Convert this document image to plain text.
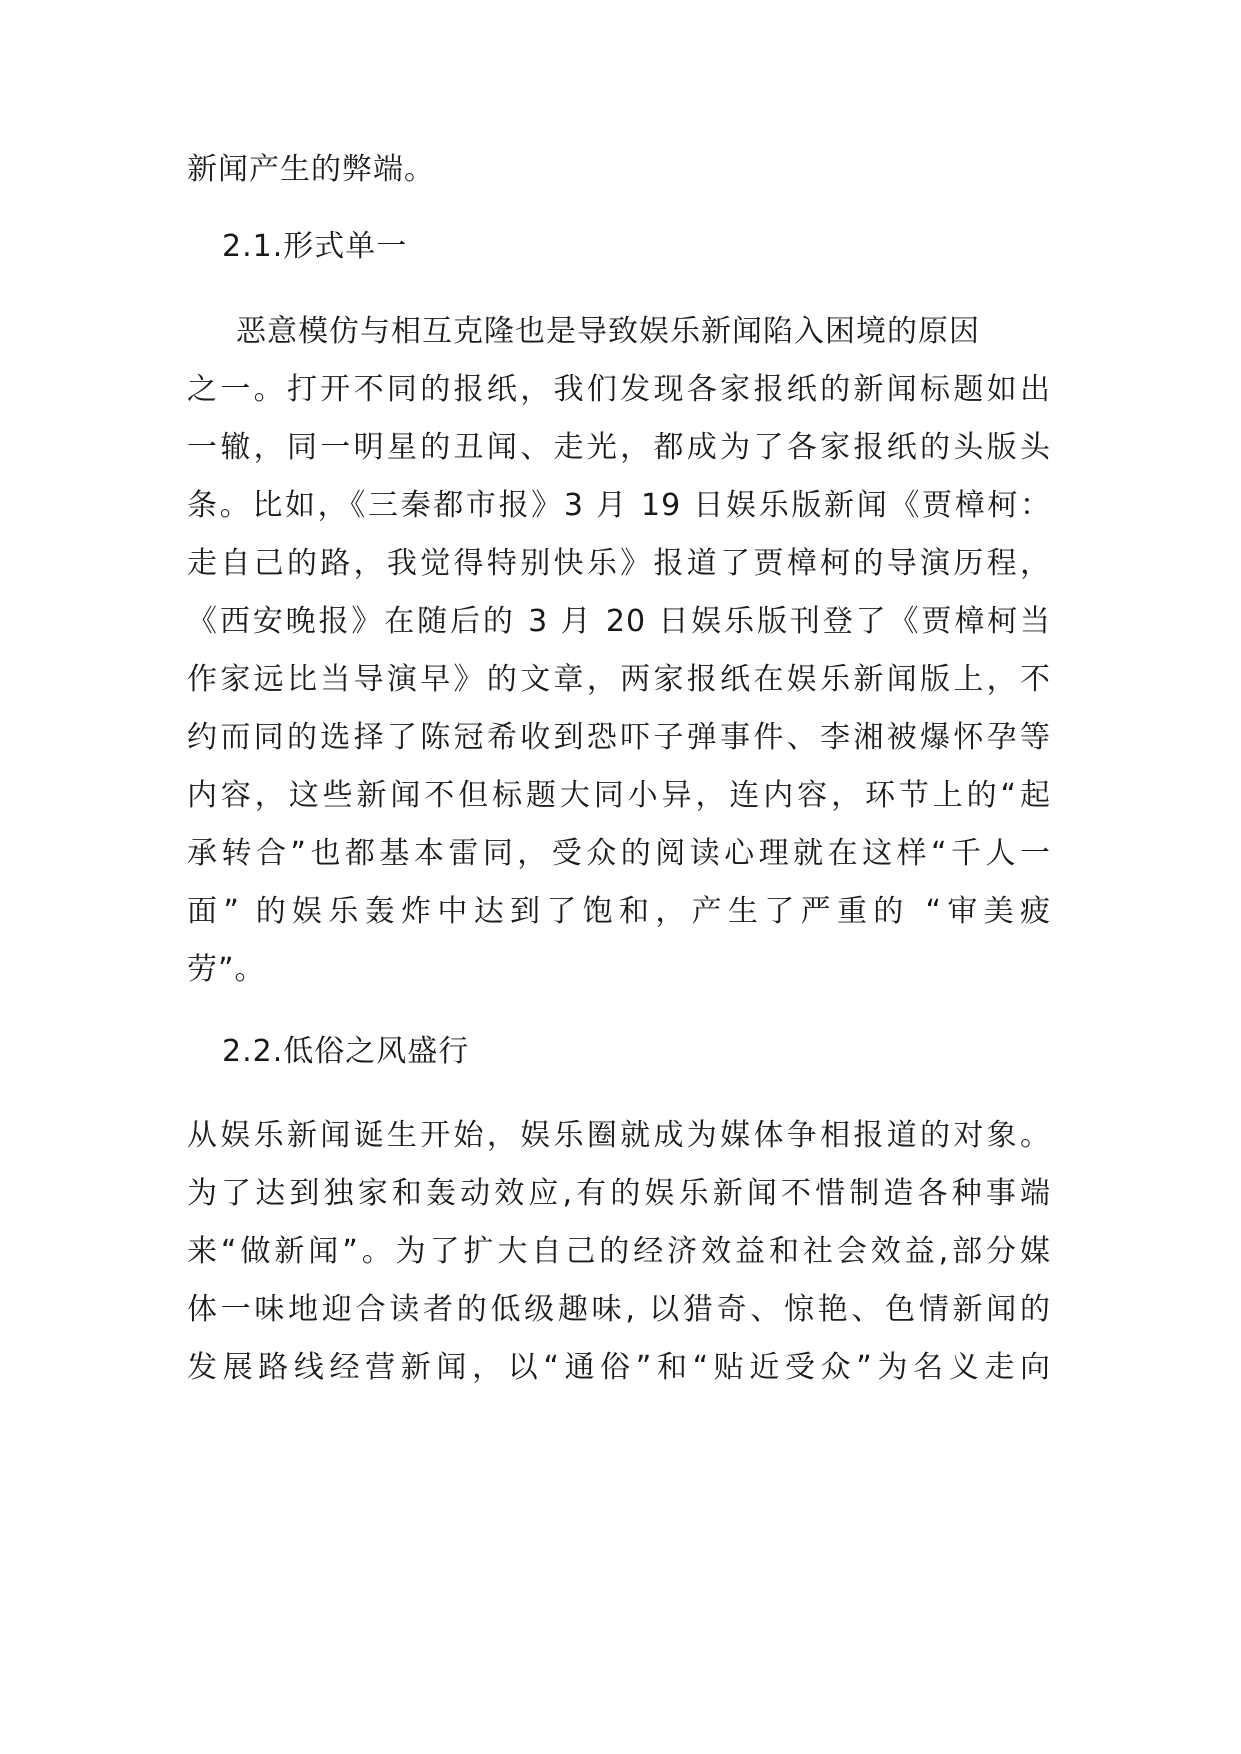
新闻产生的弊端。
2.1.形式单一
恶意模仿与相互克隆也是导致娱乐新闻陷入困境的原因
之一。打开不同的报纸，我们发现各家报纸的新闻标题如出
一辙，同一明星的丑闻、走光，都成为了各家报纸的头版头
条。比如，《三秦都市报》3 月 19 日娱乐版新闻《贾樟柯：
走自己的路，我觉得特别快乐》报道了贾樟柯的导演历程，
《西安晚报》在随后的 3 月 20 日娱乐版刊登了《贾樟柯当
作家远比当导演早》的文章，两家报纸在娱乐新闻版上，不
约而同的选择了陈冠希收到恐吓子弹事件、李湘被爆怀孕等
内容，这些新闻不但标题大同小异，连内容，环节上的“起
承转合”也都基本雷同，受众的阅读心理就在这样“千人一
面” 的娱乐轰炸中达到了饱和，产生了严重的 “审美疲
劳”。
2.2.低俗之风盛行
从娱乐新闻诞生开始，娱乐圈就成为媒体争相报道的对象。
为了达到独家和轰动效应,有的娱乐新闻不惜制造各种事端
来“做新闻”。为了扩大自己的经济效益和社会效益,部分媒
体一味地迎合读者的低级趣味, 以猎奇、惊艳、色情新闻的
发展路线经营新闻，以“通俗”和“贴近受众”为名义走向
